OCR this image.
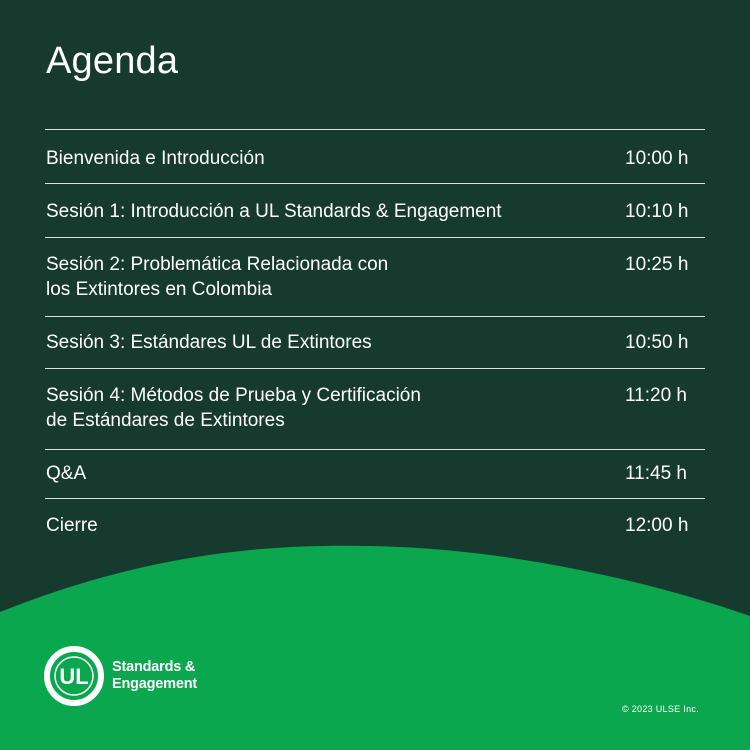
Agenda
Bienvenida e Introducción	10:00 h
Sesión 1: Introducción a UL Standards & Engagement	10:10 h
Sesión 2: Problemática Relacionada con
los Extintores en Colombia
10:25 h
Sesión 3: Estándares UL de Extintores	10:50 h
Sesión 4: Métodos de Prueba y Certificación
de Estándares de Extintores
11:20 h
Q&A	11:45 h
Cierre	12:00 h
UL Standards &
Engagement
© 2023 ULSE Inc.
